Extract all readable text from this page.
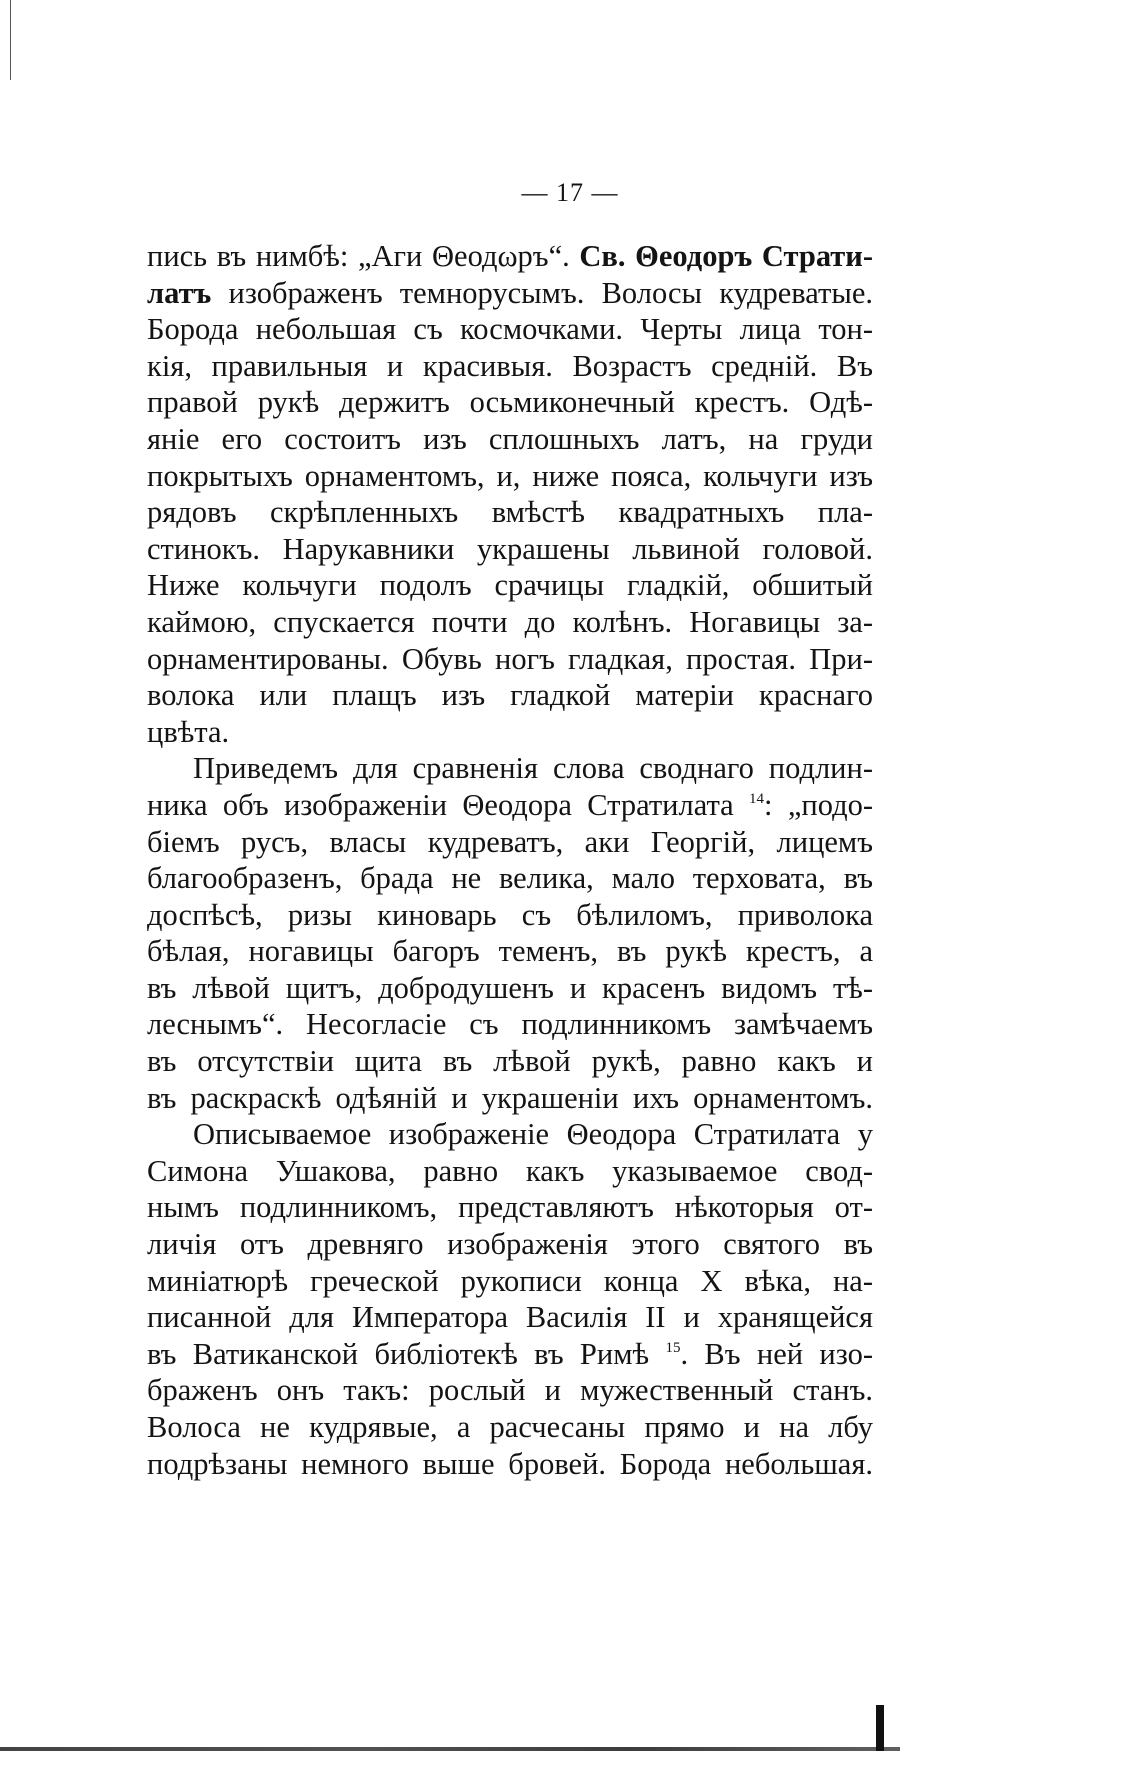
— 17 —
пись въ нимбѣ: „Аги Θеодωръ“. Св. Θеодоръ Страти-
латъ изображенъ темнорусымъ. Волосы кудреватые.
Борода небольшая съ космочками. Черты лица тон-
кія, правильныя и красивыя. Возрастъ средній. Въ
правой рукѣ держитъ осьмиконечный крестъ. Одѣ-
яніе его состоитъ изъ сплошныхъ латъ, на груди
покрытыхъ орнаментомъ, и, ниже пояса, кольчуги изъ
рядовъ скрѣпленныхъ вмѣстѣ квадратныхъ пла-
стинокъ. Нарукавники украшены львиной головой.
Ниже кольчуги подолъ срачицы гладкій, обшитый
каймою, спускается почти до колѣнъ. Ногавицы за-
орнаментированы. Обувь ногъ гладкая, простая. При-
волока или плащъ изъ гладкой матеріи краснаго
цвѣта.
Приведемъ для сравненія слова своднаго подлин-
ника объ изображеніи Θеодора Стратилата $^{14}$: „подо-
біемъ русъ, власы кудреватъ, аки Георгій, лицемъ
благообразенъ, брада не велика, мало терховата, въ
доспѣсѣ, ризы киноварь съ бѣлиломъ, приволока
бѣлая, ногавицы багоръ теменъ, въ рукѣ крестъ, а
въ лѣвой щитъ, добродушенъ и красенъ видомъ тѣ-
леснымъ“. Несогласіе съ подлинникомъ замѣчаемъ
въ отсутствіи щита въ лѣвой рукѣ, равно какъ и
въ раскраскѣ одѣяній и украшеніи ихъ орнаментомъ.
Описываемое изображеніе Θеодора Стратилата у
Симона Ушакова, равно какъ указываемое свод-
нымъ подлинникомъ, представляютъ нѣкоторыя от-
личія отъ древняго изображенія этого святого въ
миніатюрѣ греческой рукописи конца X вѣка, на-
писанной для Императора Василія II и хранящейся
въ Ватиканской библіотекѣ въ Римѣ $^{15}$. Въ ней изо-
браженъ онъ такъ: рослый и мужественный станъ.
Волоса не кудрявые, а расчесаны прямо и на лбу
подрѣзаны немного выше бровей. Борода небольшая.
